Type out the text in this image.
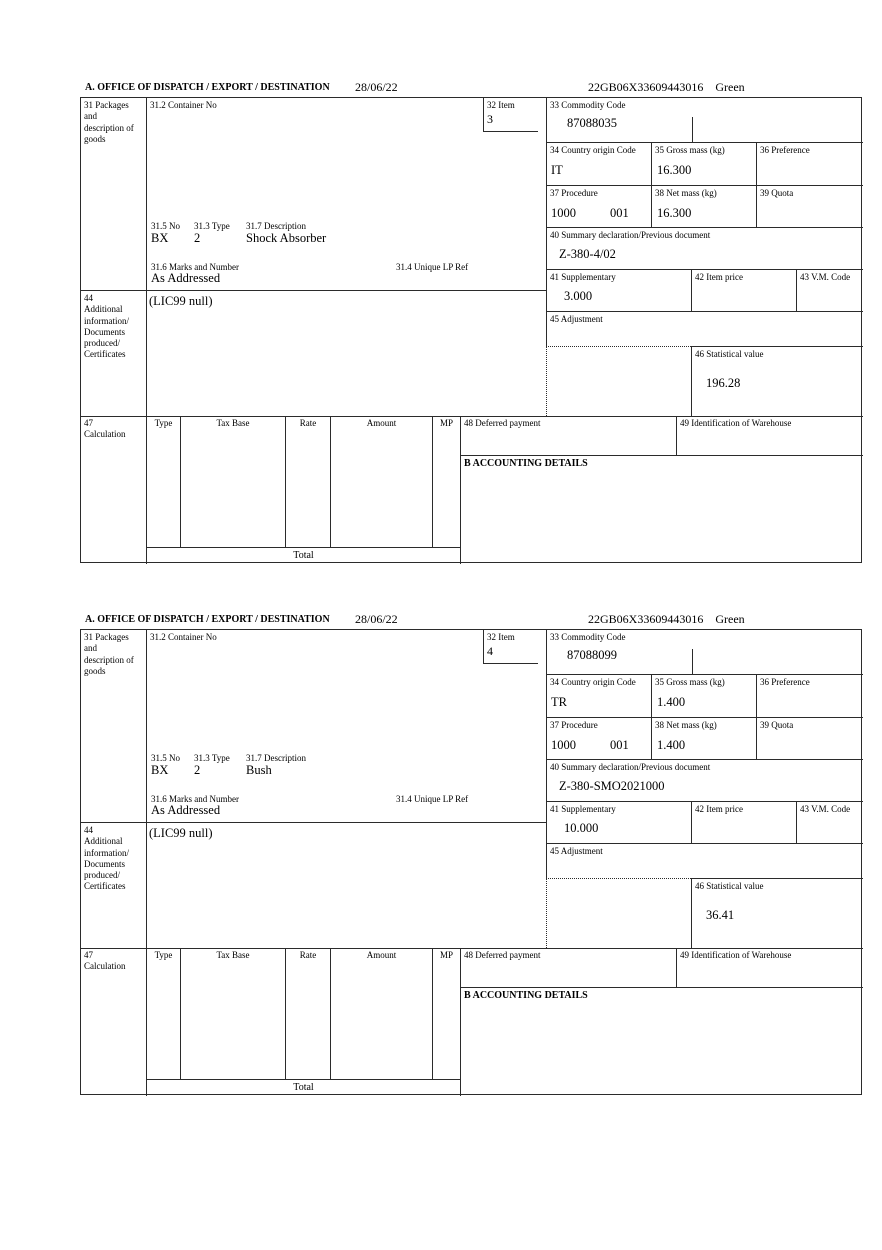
A. OFFICE OF DISPATCH / EXPORT / DESTINATION 28/06/22	22GB06X33609443016 Green
31 Packages and description of goods
44
Additional information/ Documents produced/ Certificates
47
Calculation
31.2 Container No	32 Item
3
31.5 No 31.3 Type 31.7 Description
BX 2	Shock Absorber
31.6 Marks and Number	31.4 Unique LP Ref
As Addressed
(LIC99 null)
33 Commodity Code
87088035
34 Country origin Code
IT
35 Gross mass (kg)
16.300
36 Preference
37 Procedure
1000	001
38 Net mass (kg)
16.300
39 Quota
40 Summary declaration/Previous document
Z-380-4/02
41 Supplementary
3.000
42 Item price	43 V.M. Code
45 Adjustment
46 Statistical value
196.28
Type	Tax Base	Rate	Amount	MP
Total
48 Deferred payment	49 Identification of Warehouse
B ACCOUNTING DETAILS
A. OFFICE OF DISPATCH / EXPORT / DESTINATION 28/06/22	22GB06X33609443016 Green
31 Packages and description of goods
44
Additional information/ Documents produced/ Certificates
47
Calculation
31.2 Container No	32 Item
4
31.5 No 31.3 Type 31.7 Description
BX 2	Bush
31.6 Marks and Number	31.4 Unique LP Ref
As Addressed
(LIC99 null)
33 Commodity Code
87088099
34 Country origin Code
TR
35 Gross mass (kg)
1.400
36 Preference
37 Procedure
1000	001
38 Net mass (kg)
1.400
39 Quota
40 Summary declaration/Previous document
Z-380-SMO2021000
41 Supplementary
10.000
42 Item price	43 V.M. Code
45 Adjustment
46 Statistical value
36.41
Type	Tax Base	Rate	Amount	MP
Total
48 Deferred payment	49 Identification of Warehouse
B ACCOUNTING DETAILS
